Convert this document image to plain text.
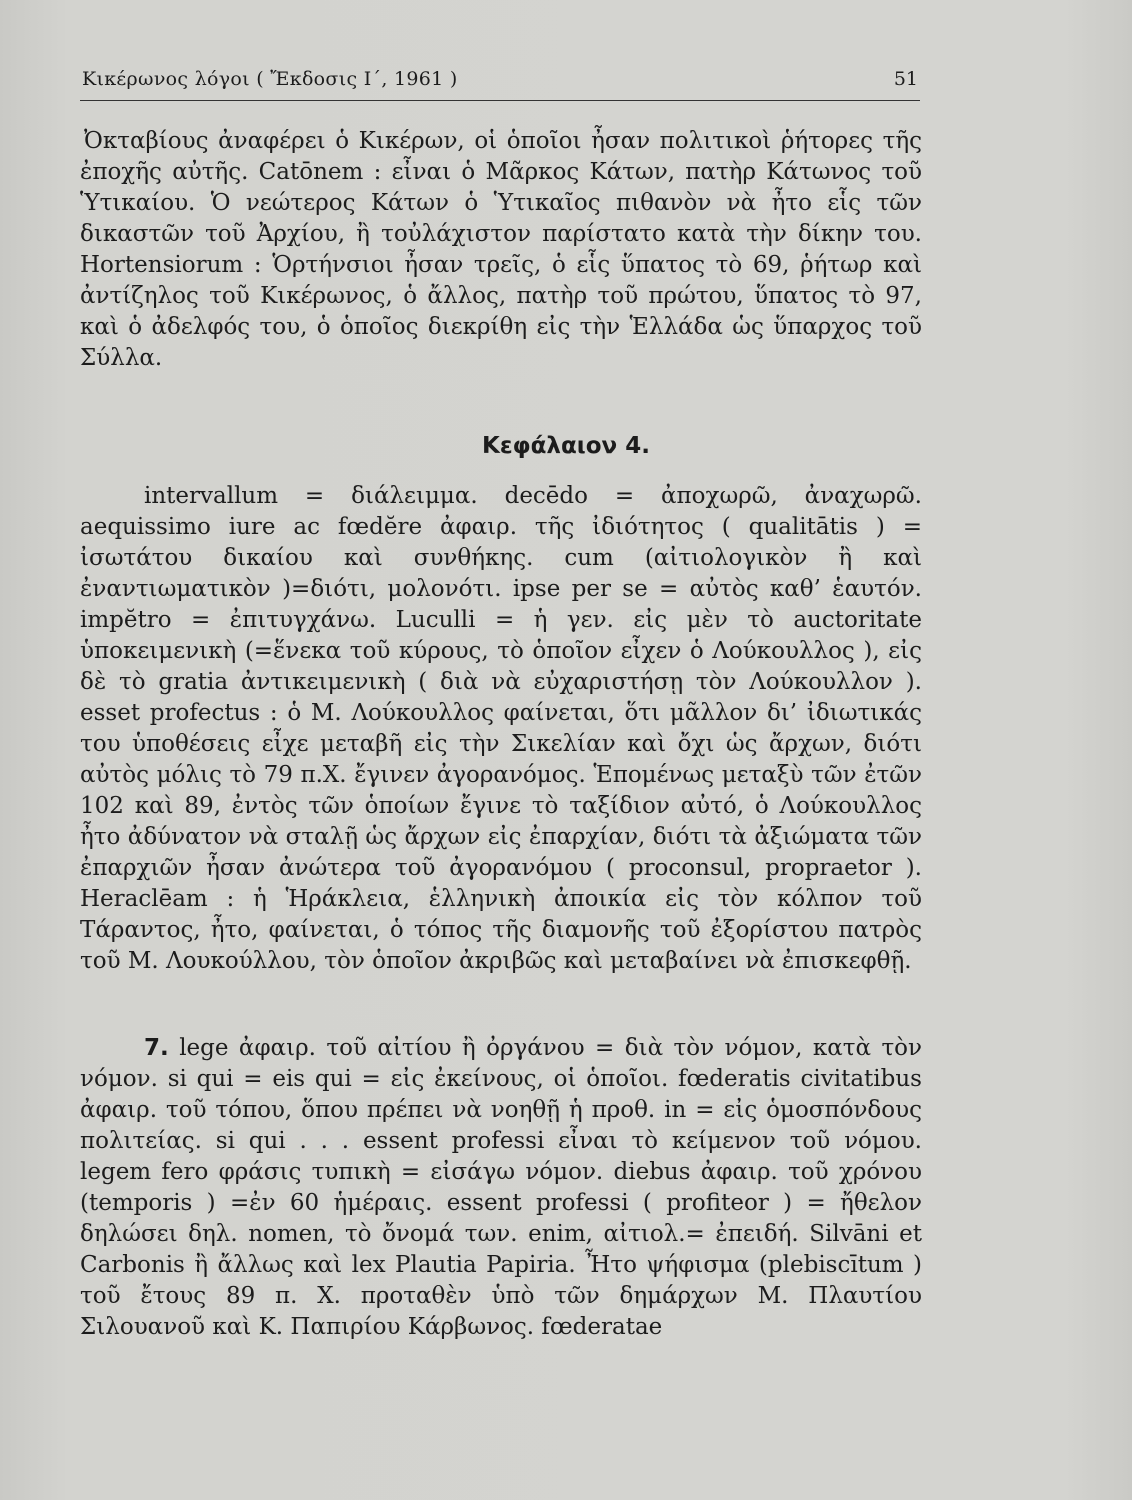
Κικέρωνος λόγοι ( Ἔκδοσις Ι΄, 1961 )	51

Ὀκταβίους ἀναφέρει ὁ Κικέρων, οἱ ὁποῖοι ἦσαν πολιτικοὶ ῥήτορες τῆς ἐποχῆς αὐτῆς. Catōnem : εἶναι ὁ Μᾶρκος Κάτων, πατὴρ Κάτωνος τοῦ Ὑτικαίου. Ὁ νεώτερος Κάτων ὁ Ὑτικαῖος πιθανὸν νὰ ἦτο εἷς τῶν δικαστῶν τοῦ Ἀρχίου, ἢ τοὐλάχιστον παρίστατο κατὰ τὴν δίκην του. Hortensiorum : Ὁρτήνσιοι ἦσαν τρεῖς, ὁ εἷς ὕπατος τὸ 69, ῥήτωρ καὶ ἀντίζηλος τοῦ Κικέρωνος, ὁ ἄλλος, πατὴρ τοῦ πρώτου, ὕπατος τὸ 97, καὶ ὁ ἀδελφός του, ὁ ὁποῖος διεκρίθη εἰς τὴν Ἑλλάδα ὡς ὕπαρχος τοῦ Σύλλα.

Κεφάλαιον 4.

intervallum = διάλειμμα. decēdo = ἀποχωρῶ, ἀναχωρῶ. aequissimo iure ac fœdĕre ἀφαιρ. τῆς ἰδιότητος ( qualitātis ) = ἰσωτάτου δικαίου καὶ συνθήκης. cum (αἰτιολογικὸν ἢ καὶ ἐναντιωματικὸν )=διότι, μολονότι. ipse per se = αὐτὸς καθ’ ἑαυτόν. impĕtro = ἐπιτυγχάνω. Luculli = ἡ γεν. εἰς μὲν τὸ auctoritate ὑποκειμενικὴ (=ἕνεκα τοῦ κύρους, τὸ ὁποῖον εἶχεν ὁ Λούκουλλος ), εἰς δὲ τὸ gratia ἀντικειμενικὴ ( διὰ νὰ εὐχαριστήσῃ τὸν Λούκουλλον ). esset profectus : ὁ Μ. Λούκουλλος φαίνεται, ὅτι μᾶλλον δι’ ἰδιωτικάς του ὑποθέσεις εἶχε μεταβῆ εἰς τὴν Σικελίαν καὶ ὄχι ὡς ἄρχων, διότι αὐτὸς μόλις τὸ 79 π.Χ. ἔγινεν ἀγορανόμος. Ἑπομένως μεταξὺ τῶν ἐτῶν 102 καὶ 89, ἐντὸς τῶν ὁποίων ἔγινε τὸ ταξίδιον αὐτό, ὁ Λούκουλλος ἦτο ἀδύνατον νὰ σταλῇ ὡς ἄρχων εἰς ἐπαρχίαν, διότι τὰ ἀξιώματα τῶν ἐπαρχιῶν ἦσαν ἀνώτερα τοῦ ἀγορανόμου ( proconsul, propraetor ). Heraclēam : ἡ Ἡράκλεια, ἑλληνικὴ ἀποικία εἰς τὸν κόλπον τοῦ Τάραντος, ἦτο, φαίνεται, ὁ τόπος τῆς διαμονῆς τοῦ ἐξορίστου πατρὸς τοῦ Μ. Λουκούλλου, τὸν ὁποῖον ἀκριβῶς καὶ μεταβαίνει νὰ ἐπισκεφθῇ.

7. lege ἀφαιρ. τοῦ αἰτίου ἢ ὀργάνου = διὰ τὸν νόμον, κατὰ τὸν νόμον. si qui = eis qui = εἰς ἐκείνους, οἱ ὁποῖοι. fœderatis civitatibus ἀφαιρ. τοῦ τόπου, ὅπου πρέπει νὰ νοηθῇ ἡ προθ. in = εἰς ὁμοσπόνδους πολιτείας. si qui . . . essent professi εἶναι τὸ κείμενον τοῦ νόμου. legem fero φράσις τυπικὴ = εἰσάγω νόμον. diebus ἀφαιρ. τοῦ χρόνου (temporis ) =ἐν 60 ἡμέραις. essent professi ( profiteor ) = ἤθελον δηλώσει δηλ. nomen, τὸ ὄνομά των. enim, αἰτιολ.= ἐπειδή. Silvāni et Carbonis ἢ ἄλλως καὶ lex Plautia Papiria. Ἦτο ψήφισμα (plebiscītum ) τοῦ ἔτους 89 π. Χ. προταθὲν ὑπὸ τῶν δημάρχων Μ. Πλαυτίου Σιλουανοῦ καὶ Κ. Παπιρίου Κάρβωνος. fœderatae
